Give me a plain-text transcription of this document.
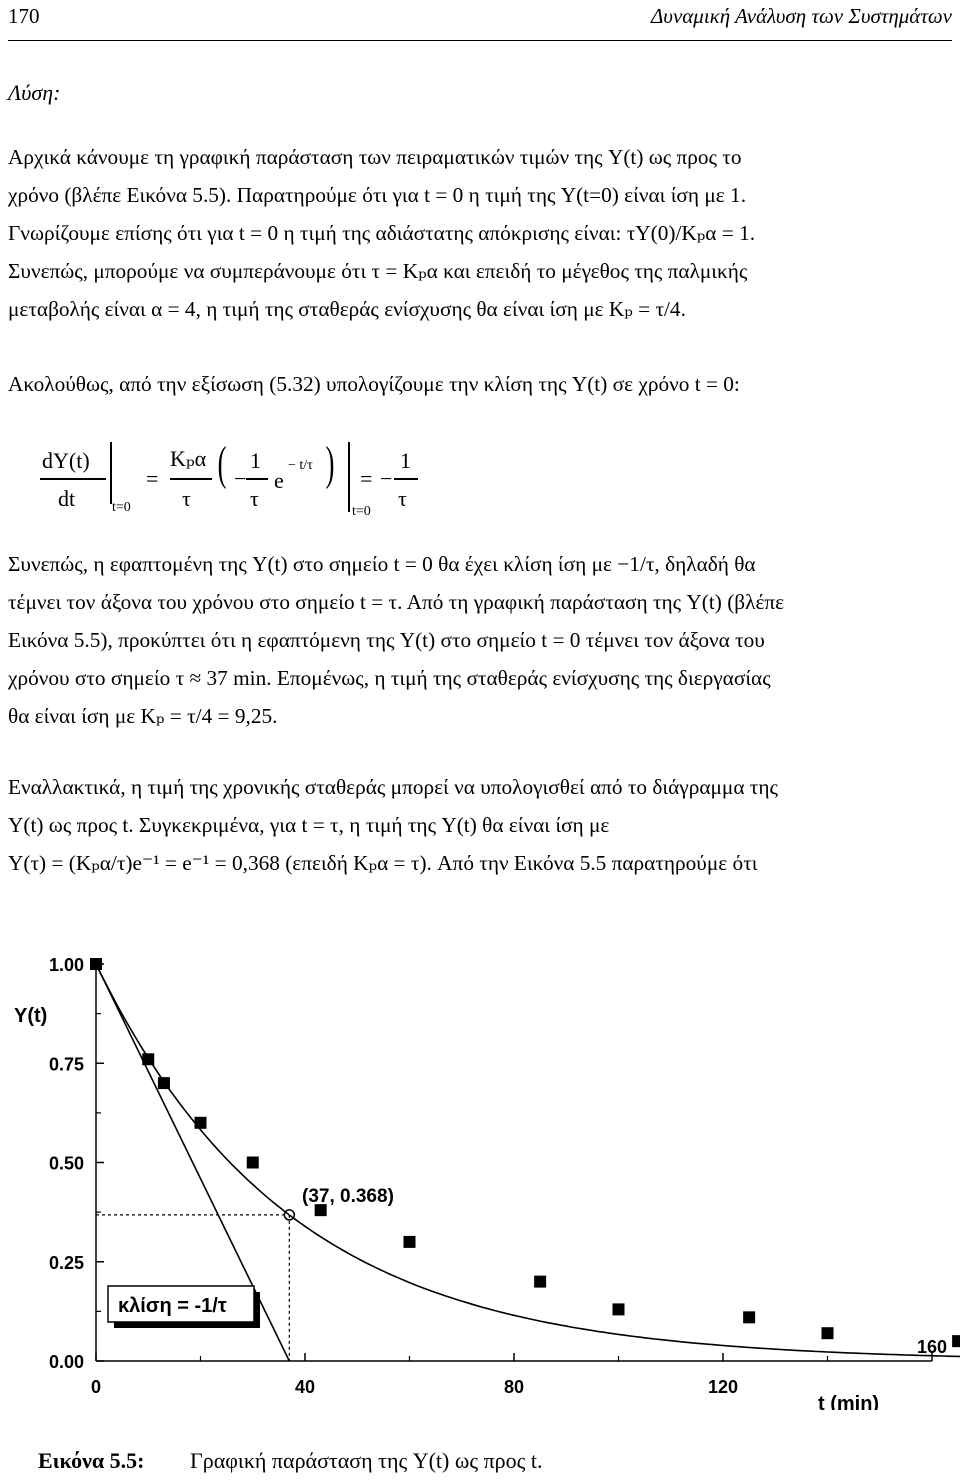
170	Δυναμική Ανάλυση των Συστημάτων
Λύση:
Αρχικά κάνουμε τη γραφική παράσταση των πειραματικών τιμών της Y(t) ως προς το
χρόνο (βλέπε Εικόνα 5.5). Παρατηρούμε ότι για t = 0 η τιμή της Y(t=0) είναι ίση με 1.
Γνωρίζουμε επίσης ότι για t = 0 η τιμή της αδιάστατης απόκρισης είναι: τY(0)/Kₚα = 1.
Συνεπώς, μπορούμε να συμπεράνουμε ότι τ = Kₚα και επειδή το μέγεθος της παλμικής
μεταβολής είναι α = 4, η τιμή της σταθεράς ενίσχυσης θα είναι ίση με Kₚ = τ/4.
Ακολούθως, από την εξίσωση (5.32) υπολογίζουμε την κλίση της Y(t) σε χρόνο t = 0:
dY(t)
dt	t=0
=
Kₚα
τ
( −
1
τ
e
− t/τ )
t=0
= −
1
τ
Συνεπώς, η εφαπτομένη της Y(t) στο σημείο t = 0 θα έχει κλίση ίση με −1/τ, δηλαδή θα
τέμνει τον άξονα του χρόνου στο σημείο t = τ. Από τη γραφική παράσταση της Y(t) (βλέπε
Εικόνα 5.5), προκύπτει ότι η εφαπτόμενη της Y(t) στο σημείο t = 0 τέμνει τον άξονα του
χρόνου στο σημείο τ ≈ 37 min. Επομένως, η τιμή της σταθεράς ενίσχυσης της διεργασίας
θα είναι ίση με Kₚ = τ/4 = 9,25.
Εναλλακτικά, η τιμή της χρονικής σταθεράς μπορεί να υπολογισθεί από το διάγραμμα της
Y(t) ως προς t. Συγκεκριμένα, για t = τ, η τιμή της Y(t) θα είναι ίση με
Y(τ) = (Kₚα/τ)e⁻¹ = e⁻¹ = 0,368 (επειδή Kₚα = τ). Από την Εικόνα 5.5 παρατηρούμε ότι
160
120
80
40
0
1.00
0.75
0.50
0.25
0.00
Y(t)
t (min)
(37, 0.368)
κλίση = -1/τ
Εικόνα 5.5: Γραφική παράσταση της Y(t) ως προς t.
